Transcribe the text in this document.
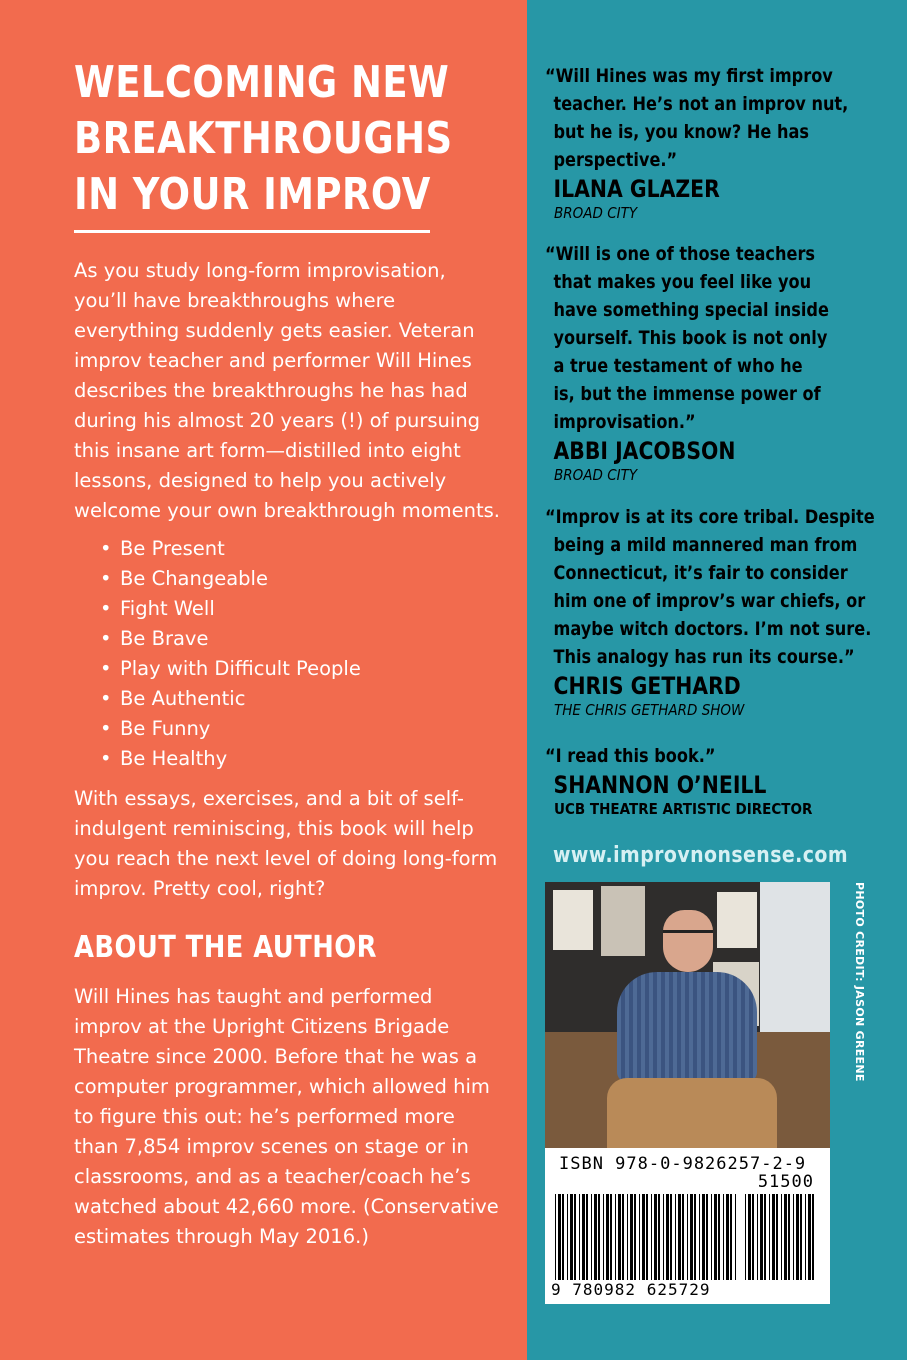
WELCOMING NEW
BREAKTHROUGHS
IN YOUR IMPROV

As you study long-form improvisation, you’ll have breakthroughs where everything suddenly gets easier. Veteran improv teacher and performer Will Hines describes the breakthroughs he has had during his almost 20 years (!) of pursuing this insane art form—distilled into eight lessons, designed to help you actively welcome your own breakthrough moments.

• Be Present
• Be Changeable
• Fight Well
• Be Brave
• Play with Difficult People
• Be Authentic
• Be Funny
• Be Healthy

With essays, exercises, and a bit of self-indulgent reminiscing, this book will help you reach the next level of doing long-form improv. Pretty cool, right?

ABOUT THE AUTHOR

Will Hines has taught and performed improv at the Upright Citizens Brigade Theatre since 2000. Before that he was a computer programmer, which allowed him to figure this out: he’s performed more than 7,854 improv scenes on stage or in classrooms, and as a teacher/coach he’s watched about 42,660 more. (Conservative estimates through May 2016.)

“Will Hines was my first improv
teacher. He’s not an improv nut,
but he is, you know? He has
perspective.”
ILANA GLAZER
BROAD CITY
“Will is one of those teachers
that makes you feel like you
have something special inside
yourself. This book is not only
a true testament of who he
is, but the immense power of
improvisation.”
ABBI JACOBSON
BROAD CITY
“Improv is at its core tribal. Despite
being a mild mannered man from
Connecticut, it’s fair to consider
him one of improv’s war chiefs, or
maybe witch doctors. I’m not sure.
This analogy has run its course.”
CHRIS GETHARD
THE CHRIS GETHARD SHOW
“I read this book.”
SHANNON O’NEILL
UCB THEATRE ARTISTIC DIRECTOR
www.improvnonsense.com
PHOTO CREDIT: JASON GREENE
ISBN 978-0-9826257-2-9
51500
9 780982 625729
